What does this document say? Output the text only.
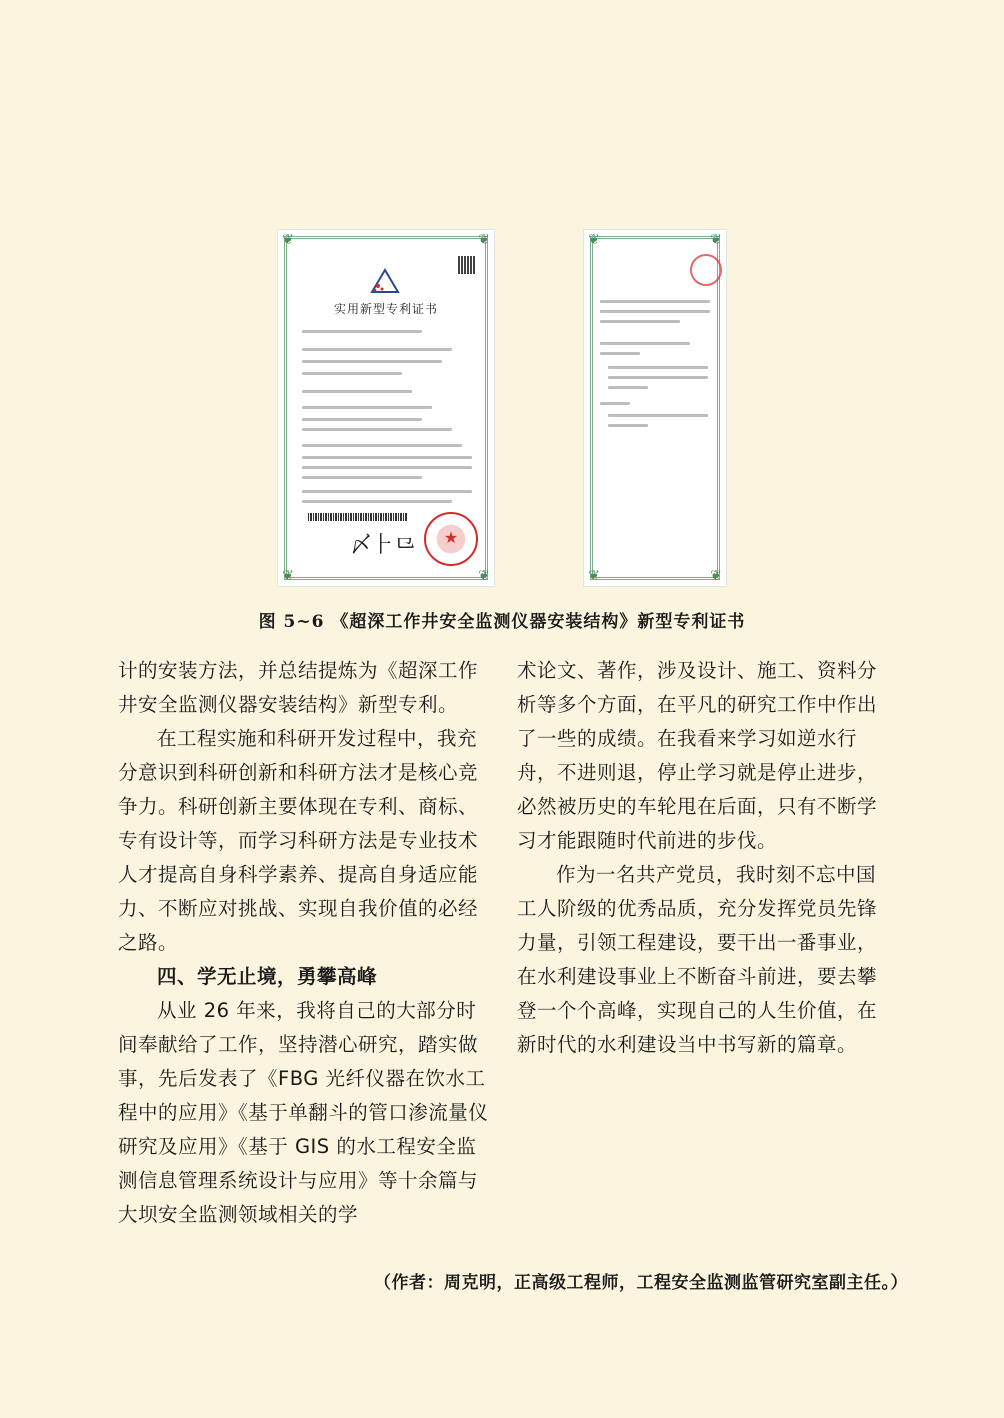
❦	❦
❦	❦
实用新型专利证书
〆⺊⺋	★
❦	❦
❦	❦
图 5~6 《超深工作井安全监测仪器安装结构》新型专利证书

计的安装方法，并总结提炼为《超深工作井安全监测仪器安装结构》新型专利。

在工程实施和科研开发过程中，我充分意识到科研创新和科研方法才是核心竞争力。科研创新主要体现在专利、商标、专有设计等，而学习科研方法是专业技术人才提高自身科学素养、提高自身适应能力、不断应对挑战、实现自我价值的必经之路。

四、学无止境，勇攀高峰

从业 26 年来，我将自己的大部分时间奉献给了工作，坚持潜心研究，踏实做事，先后发表了《FBG 光纤仪器在饮水工程中的应用》《基于单翻斗的管口渗流量仪研究及应用》《基于 GIS 的水工程安全监测信息管理系统设计与应用》等十余篇与大坝安全监测领域相关的学

术论文、著作，涉及设计、施工、资料分析等多个方面，在平凡的研究工作中作出了一些的成绩。在我看来学习如逆水行舟，不进则退，停止学习就是停止进步，必然被历史的车轮甩在后面，只有不断学习才能跟随时代前进的步伐。

作为一名共产党员，我时刻不忘中国工人阶级的优秀品质，充分发挥党员先锋力量，引领工程建设，要干出一番事业，在水利建设事业上不断奋斗前进，要去攀登一个个高峰，实现自己的人生价值，在新时代的水利建设当中书写新的篇章。

（作者：周克明，正高级工程师，工程安全监测监管研究室副主任。）
